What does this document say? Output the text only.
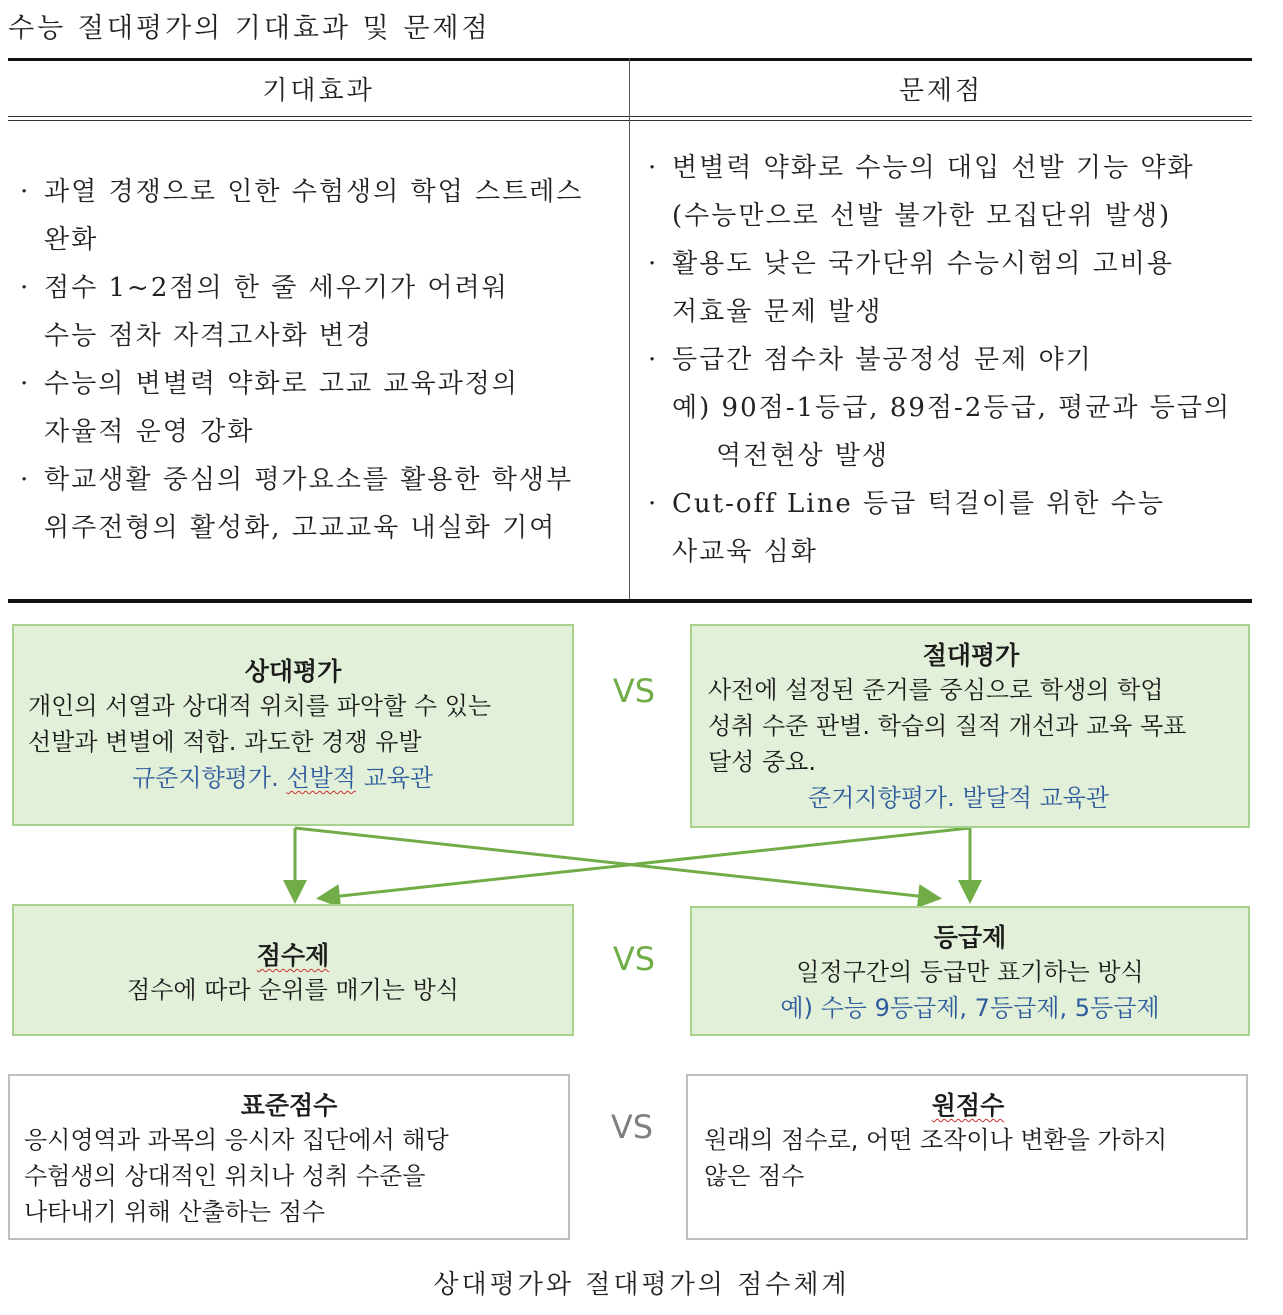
수능 절대평가의 기대효과 및 문제점
기대효과	문제점
· 과열 경쟁으로 인한 수험생의 학업 스트레스
완화
· 점수 1~2점의 한 줄 세우기가 어려워
수능 점차 자격고사화 변경
· 수능의 변별력 약화로 고교 교육과정의
자율적 운영 강화
· 학교생활 중심의 평가요소를 활용한 학생부
위주전형의 활성화, 고교교육 내실화 기여
· 변별력 약화로 수능의 대입 선발 기능 약화
(수능만으로 선발 불가한 모집단위 발생)
· 활용도 낮은 국가단위 수능시험의 고비용
저효율 문제 발생
· 등급간 점수차 불공정성 문제 야기
예) 90점-1등급, 89점-2등급, 평균과 등급의
역전현상 발생
· Cut-off Line 등급 턱걸이를 위한 수능
사교육 심화
상대평가
개인의 서열과 상대적 위치를 파악할 수 있는
선발과 변별에 적합. 과도한 경쟁 유발
규준지향평가. 선발적 교육관
VS
절대평가
사전에 설정된 준거를 중심으로 학생의 학업
성취 수준 판별. 학습의 질적 개선과 교육 목표
달성 중요.
준거지향평가. 발달적 교육관
점수제
점수에 따라 순위를 매기는 방식
VS
등급제
일정구간의 등급만 표기하는 방식
예) 수능 9등급제, 7등급제, 5등급제
표준점수
응시영역과 과목의 응시자 집단에서 해당
수험생의 상대적인 위치나 성취 수준을
나타내기 위해 산출하는 점수
VS
원점수
원래의 점수로, 어떤 조작이나 변환을 가하지
않은 점수
상대평가와 절대평가의 점수체계
